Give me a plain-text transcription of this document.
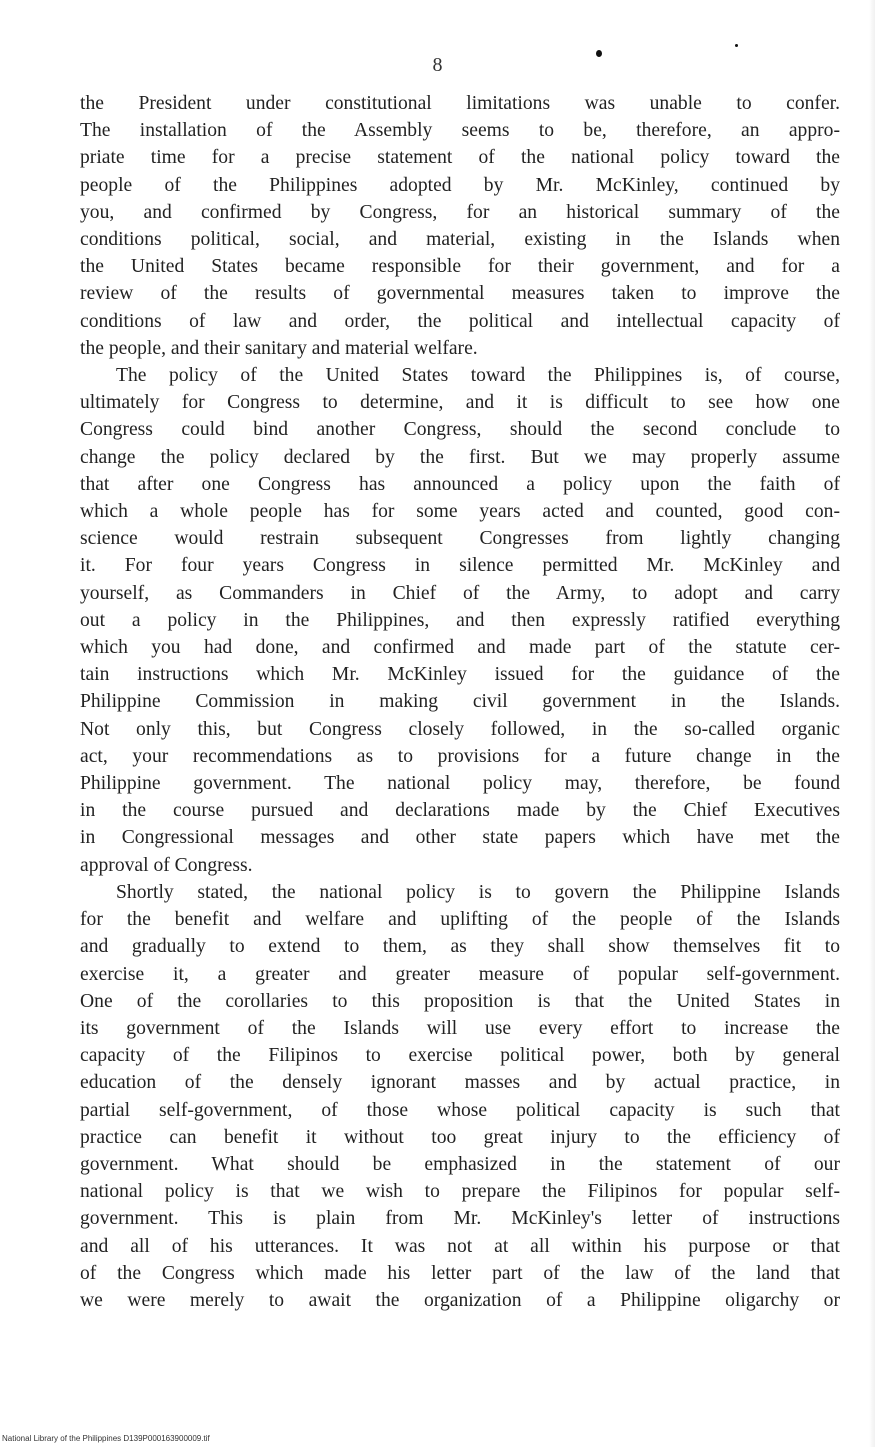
8
the President under constitutional limitations was unable to confer.
The installation of the Assembly seems to be, therefore, an appro-
priate time for a precise statement of the national policy toward the
people of the Philippines adopted by Mr. McKinley, continued by
you, and confirmed by Congress, for an historical summary of the
conditions political, social, and material, existing in the Islands when
the United States became responsible for their government, and for a
review of the results of governmental measures taken to improve the
conditions of law and order, the political and intellectual capacity of
the people, and their sanitary and material welfare.
The policy of the United States toward the Philippines is, of course,
ultimately for Congress to determine, and it is difficult to see how one
Congress could bind another Congress, should the second conclude to
change the policy declared by the first. But we may properly assume
that after one Congress has announced a policy upon the faith of
which a whole people has for some years acted and counted, good con-
science would restrain subsequent Congresses from lightly changing
it. For four years Congress in silence permitted Mr. McKinley and
yourself, as Commanders in Chief of the Army, to adopt and carry
out a policy in the Philippines, and then expressly ratified everything
which you had done, and confirmed and made part of the statute cer-
tain instructions which Mr. McKinley issued for the guidance of the
Philippine Commission in making civil government in the Islands.
Not only this, but Congress closely followed, in the so-called organic
act, your recommendations as to provisions for a future change in the
Philippine government. The national policy may, therefore, be found
in the course pursued and declarations made by the Chief Executives
in Congressional messages and other state papers which have met the
approval of Congress.
Shortly stated, the national policy is to govern the Philippine Islands
for the benefit and welfare and uplifting of the people of the Islands
and gradually to extend to them, as they shall show themselves fit to
exercise it, a greater and greater measure of popular self-government.
One of the corollaries to this proposition is that the United States in
its government of the Islands will use every effort to increase the
capacity of the Filipinos to exercise political power, both by general
education of the densely ignorant masses and by actual practice, in
partial self-government, of those whose political capacity is such that
practice can benefit it without too great injury to the efficiency of
government. What should be emphasized in the statement of our
national policy is that we wish to prepare the Filipinos for popular self-
government. This is plain from Mr. McKinley's letter of instructions
and all of his utterances. It was not at all within his purpose or that
of the Congress which made his letter part of the law of the land that
we were merely to await the organization of a Philippine oligarchy or
National Library of the Philippines D139P000163900009.tif
